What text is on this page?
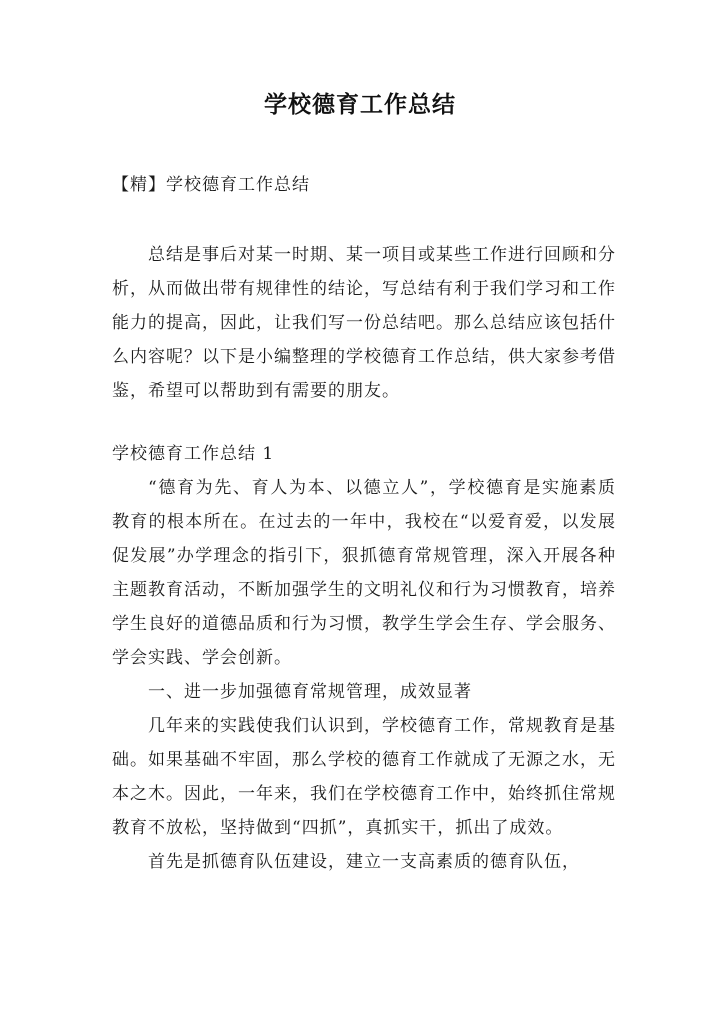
学校德育工作总结
【精】学校德育工作总结

总结是事后对某一时期、某一项目或某些工作进行回顾和分析，从而做出带有规律性的结论，写总结有利于我们学习和工作能力的提高，因此，让我们写一份总结吧。那么总结应该包括什么内容呢？以下是小编整理的学校德育工作总结，供大家参考借鉴，希望可以帮助到有需要的朋友。

学校德育工作总结 1

“德育为先、育人为本、以德立人”，学校德育是实施素质教育的根本所在。在过去的一年中，我校在“以爱育爱，以发展促发展”办学理念的指引下，狠抓德育常规管理，深入开展各种主题教育活动，不断加强学生的文明礼仪和行为习惯教育，培养学生良好的道德品质和行为习惯，教学生学会生存、学会服务、学会实践、学会创新。

一、进一步加强德育常规管理，成效显著

几年来的实践使我们认识到，学校德育工作，常规教育是基础。如果基础不牢固，那么学校的德育工作就成了无源之水，无本之木。因此，一年来，我们在学校德育工作中，始终抓住常规教育不放松，坚持做到“四抓”，真抓实干，抓出了成效。

首先是抓德育队伍建设，建立一支高素质的德育队伍，
